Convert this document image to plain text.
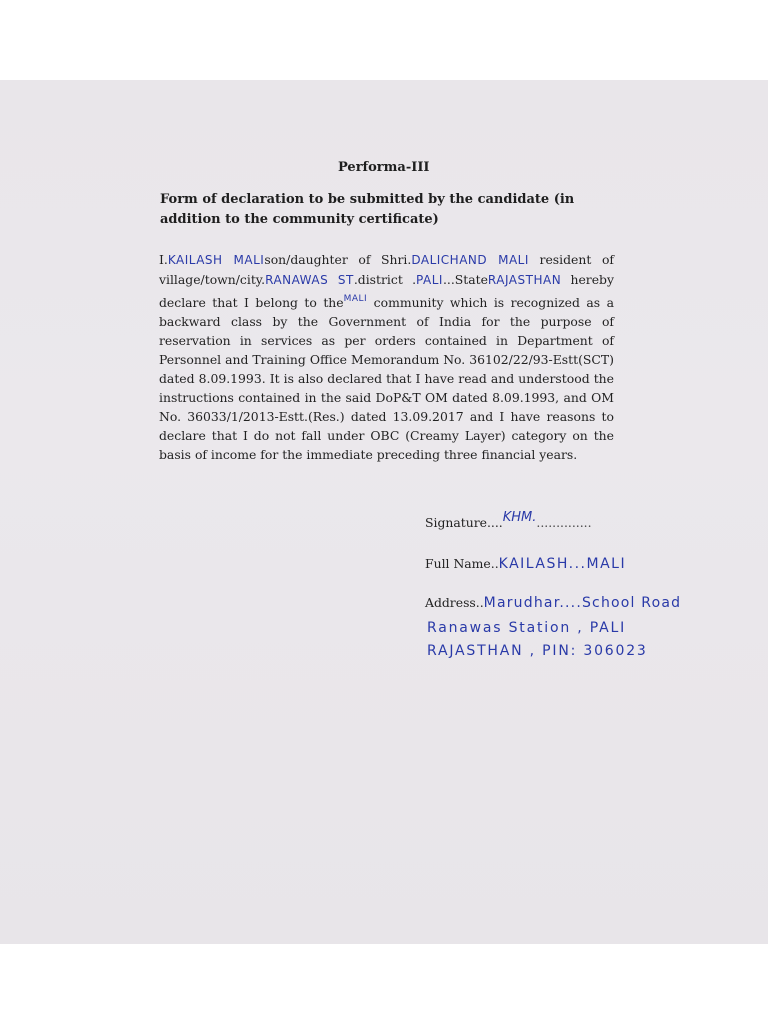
Performa-III
Form of declaration to be submitted by the candidate (in addition to the community certificate)
I.KAILASH MALIson/daughter of Shri.DALICHAND MALI resident of village/town/city.RANAWAS ST.district .PALI...StateRAJASTHAN hereby declare that I belong to the$^{MALI}$ community which is recognized as a backward class by the Government of India for the purpose of reservation in services as per orders contained in Department of Personnel and Training Office Memorandum No. 36102/22/93-Estt(SCT) dated 8.09.1993. It is also declared that I have read and understood the instructions contained in the said DoP&T OM dated 8.09.1993, and OM No. 36033/1/2013-Estt.(Res.) dated 13.09.2017 and I have reasons to declare that I do not fall under OBC (Creamy Layer) category on the basis of income for the immediate preceding three financial years.
Signature....KHM...............
Full Name..KAILASH...MALI
Address..Marudhar....School Road
Ranawas Station , PALI
RAJASTHAN , PIN: 306023
